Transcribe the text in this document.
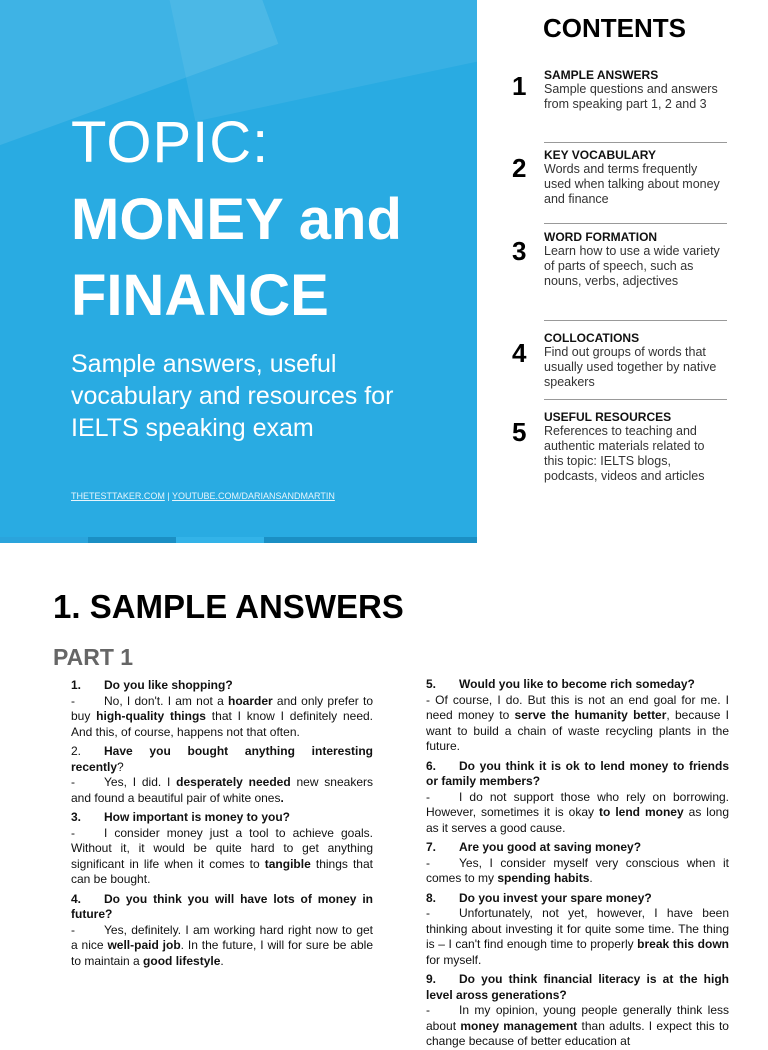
TOPIC:
MONEY and
FINANCE
Sample answers, useful vocabulary and resources for IELTS speaking exam
THETESTTAKER.COM | YOUTUBE.COM/DARIANSANDMARTIN
CONTENTS
1 SAMPLE ANSWERS
Sample questions and answers from speaking part 1, 2 and 3
2 KEY VOCABULARY
Words and terms frequently used when talking about money and finance
3 WORD FORMATION
Learn how to use a wide variety of parts of speech, such as nouns, verbs, adjectives
4 COLLOCATIONS
Find out groups of words that usually used together by native speakers
5 USEFUL RESOURCES
References to teaching and authentic materials related to this topic: IELTS blogs, podcasts, videos and articles
1. SAMPLE ANSWERS
PART 1
1. Do you like shopping?
- No, I don't. I am not a hoarder and only prefer to buy high-quality things that I know I definitely need. And this, of course, happens not that often.
2. Have you bought anything interesting recently?
- Yes, I did. I desperately needed new sneakers and found a beautiful pair of white ones.
3. How important is money to you?
- I consider money just a tool to achieve goals. Without it, it would be quite hard to get anything significant in life when it comes to tangible things that can be bought.
4. Do you think you will have lots of money in future?
- Yes, definitely. I am working hard right now to get a nice well-paid job. In the future, I will for sure be able to maintain a good lifestyle.
5. Would you like to become rich someday?
- Of course, I do. But this is not an end goal for me. I need money to serve the humanity better, because I want to build a chain of waste recycling plants in the future.
6. Do you think it is ok to lend money to friends or family members?
- I do not support those who rely on borrowing. However, sometimes it is okay to lend money as long as it serves a good cause.
7. Are you good at saving money?
- Yes, I consider myself very conscious when it comes to my spending habits.
8. Do you invest your spare money?
- Unfortunately, not yet, however, I have been thinking about investing it for quite some time. The thing is – I can't find enough time to properly break this down for myself.
9. Do you think financial literacy is at the high level aross generations?
- In my opinion, young people generally think less about money management than adults. I expect this to change because of better education at
